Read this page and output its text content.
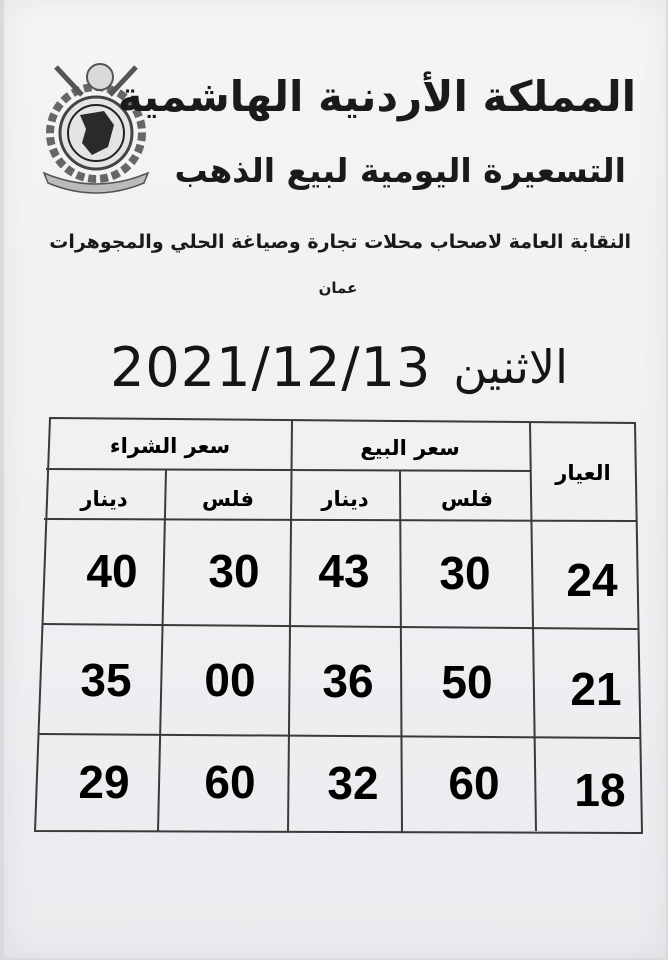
المملكة الأردنية الهاشمية
التسعيرة اليومية لبيع الذهب
النقابة العامة لاصحاب محلات تجارة وصياغة الحلي والمجوهرات
عمان
2021/12/13 الاثنين
العيار
سعر البيع
سعر الشراء
فلس
دينار
فلس
دينار
24
30
43
30
40
21
50
36
00
35
18
60
32
60
29
